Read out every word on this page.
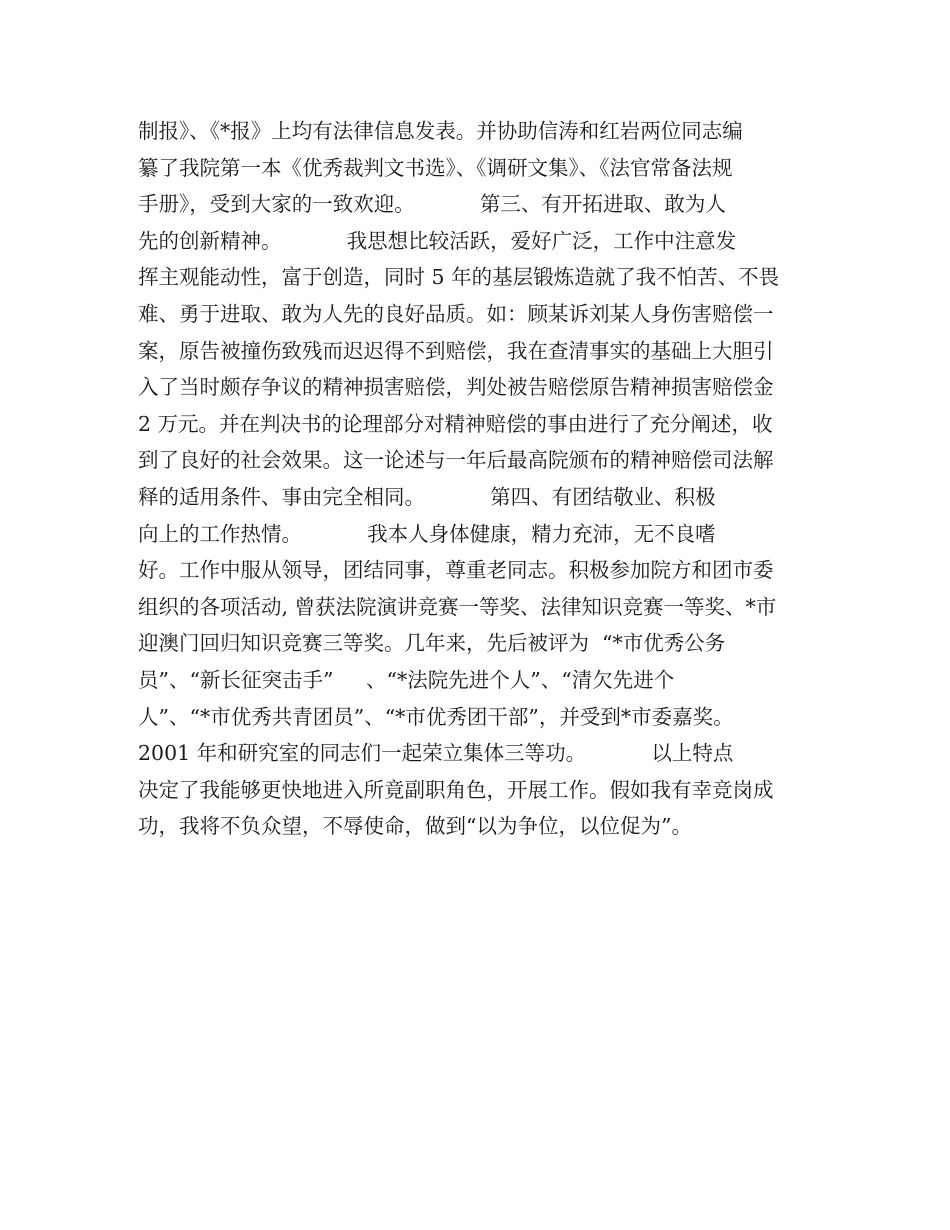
制报》、《*报》上均有法律信息发表。并协助信涛和红岩两位同志编
纂了我院第一本《优秀裁判文书选》、《调研文集》、《法官常备法规
手册》，受到大家的一致欢迎。          第三、有开拓进取、敢为人
先的创新精神。          我思想比较活跃，爱好广泛，工作中注意发
挥主观能动性，富于创造，同时 5 年的基层锻炼造就了我不怕苦、不畏
难、勇于进取、敢为人先的良好品质。如：顾某诉刘某人身伤害赔偿一
案，原告被撞伤致残而迟迟得不到赔偿，我在查清事实的基础上大胆引
入了当时颇存争议的精神损害赔偿，判处被告赔偿原告精神损害赔偿金
2 万元。并在判决书的论理部分对精神赔偿的事由进行了充分阐述，收
到了良好的社会效果。这一论述与一年后最高院颁布的精神赔偿司法解
释的适用条件、事由完全相同。          第四、有团结敬业、积极
向上的工作热情。          我本人身体健康，精力充沛，无不良嗜
好。工作中服从领导，团结同事，尊重老同志。积极参加院方和团市委
组织的各项活动, 曾获法院演讲竞赛一等奖、法律知识竞赛一等奖、*市
迎澳门回归知识竞赛三等奖。几年来，先后被评为  “*市优秀公务
员”、“新长征突击手”     、“*法院先进个人”、“清欠先进个
人”、“*市优秀共青团员”、“*市优秀团干部”，并受到*市委嘉奖。
2001 年和研究室的同志们一起荣立集体三等功。          以上特点
决定了我能够更快地进入所竟副职角色，开展工作。假如我有幸竞岗成
功，我将不负众望，不辱使命，做到“以为争位，以位促为”。
